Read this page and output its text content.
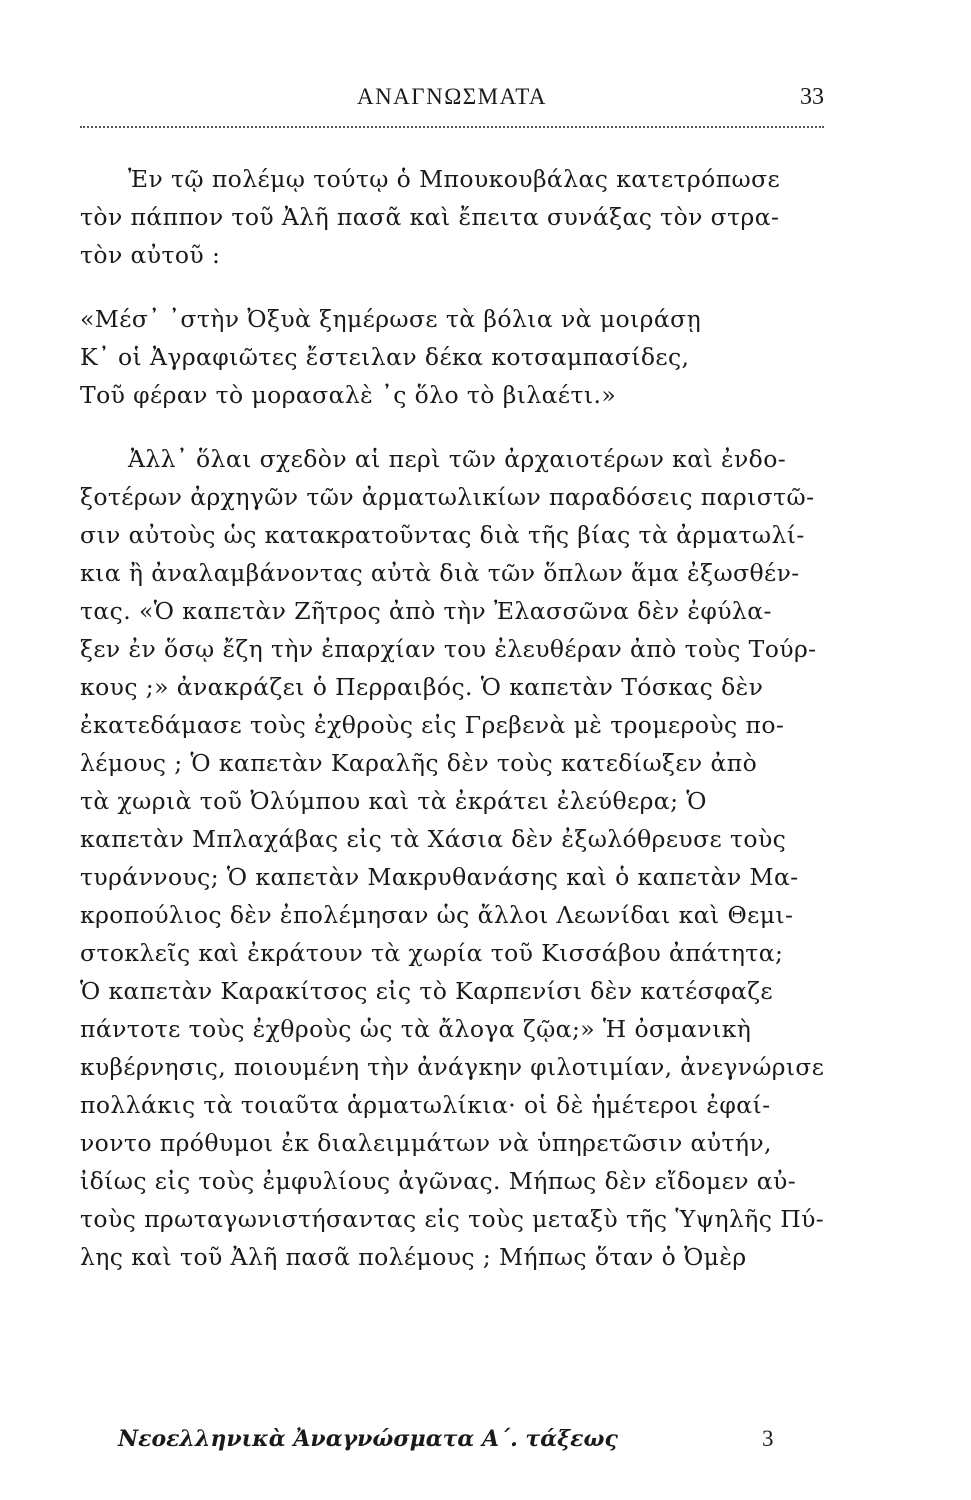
ΑΝΑΓΝΩΣΜΑΤΑ	33
Ἐν τῷ πολέμῳ τούτῳ ὁ Μπουκουβάλας κατετρόπωσε
τὸν πάππον τοῦ Ἀλῆ πασᾶ καὶ ἔπειτα συνάξας τὸν στρα-
τὸν αὐτοῦ :
«Μέσ᾽ ᾽στὴν Ὀξυὰ ξημέρωσε τὰ βόλια νὰ μοιράσῃ
Κ᾽ οἱ Ἀγραφιῶτες ἔστειλαν δέκα κοτσαμπασίδες,
Τοῦ φέραν τὸ μορασαλὲ ᾽ς ὅλο τὸ βιλαέτι.»
Ἀλλ᾽ ὅλαι σχεδὸν αἱ περὶ τῶν ἀρχαιοτέρων καὶ ἐνδο-
ξοτέρων ἀρχηγῶν τῶν ἀρματωλικίων παραδόσεις παριστῶ-
σιν αὐτοὺς ὡς κατακρατοῦντας διὰ τῆς βίας τὰ ἀρματωλί-
κια ἢ ἀναλαμβάνοντας αὐτὰ διὰ τῶν ὅπλων ἅμα ἐξωσθέν-
τας. «Ὁ καπετὰν Ζῆτρος ἀπὸ τὴν Ἐλασσῶνα δὲν ἐφύλα-
ξεν ἐν ὅσῳ ἔζη τὴν ἐπαρχίαν του ἐλευθέραν ἀπὸ τοὺς Τούρ-
κους ;» ἀνακράζει ὁ Περραιβός. Ὁ καπετὰν Τόσκας δὲν
ἐκατεδάμασε τοὺς ἐχθροὺς εἰς Γρεβενὰ μὲ τρομεροὺς πο-
λέμους ; Ὁ καπετὰν Καραλῆς δὲν τοὺς κατεδίωξεν ἀπὸ
τὰ χωριὰ τοῦ Ὀλύμπου καὶ τὰ ἐκράτει ἐλεύθερα; Ὁ
καπετὰν Μπλαχάβας εἰς τὰ Χάσια δὲν ἐξωλόθρευσε τοὺς
τυράννους; Ὁ καπετὰν Μακρυθανάσης καὶ ὁ καπετὰν Μα-
κροπούλιος δὲν ἐπολέμησαν ὡς ἄλλοι Λεωνίδαι καὶ Θεμι-
στοκλεῖς καὶ ἐκράτουν τὰ χωρία τοῦ Κισσάβου ἀπάτητα;
Ὁ καπετὰν Καρακίτσος εἰς τὸ Καρπενίσι δὲν κατέσφαζε
πάντοτε τοὺς ἐχθροὺς ὡς τὰ ἄλογα ζῷα;» Ἡ ὀσμανικὴ
κυβέρνησις, ποιουμένη τὴν ἀνάγκην φιλοτιμίαν, ἀνεγνώρισε
πολλάκις τὰ τοιαῦτα ἁρματωλίκια· οἱ δὲ ἡμέτεροι ἐφαί-
νοντο πρόθυμοι ἐκ διαλειμμάτων νὰ ὑπηρετῶσιν αὐτήν,
ἰδίως εἰς τοὺς ἐμφυλίους ἀγῶνας. Μήπως δὲν εἴδομεν αὐ-
τοὺς πρωταγωνιστήσαντας εἰς τοὺς μεταξὺ τῆς Ὑψηλῆς Πύ-
λης καὶ τοῦ Ἀλῆ πασᾶ πολέμους ; Μήπως ὅταν ὁ Ὀμὲρ
Νεοελληνικὰ Ἀναγνώσματα Α΄. τάξεως	3
